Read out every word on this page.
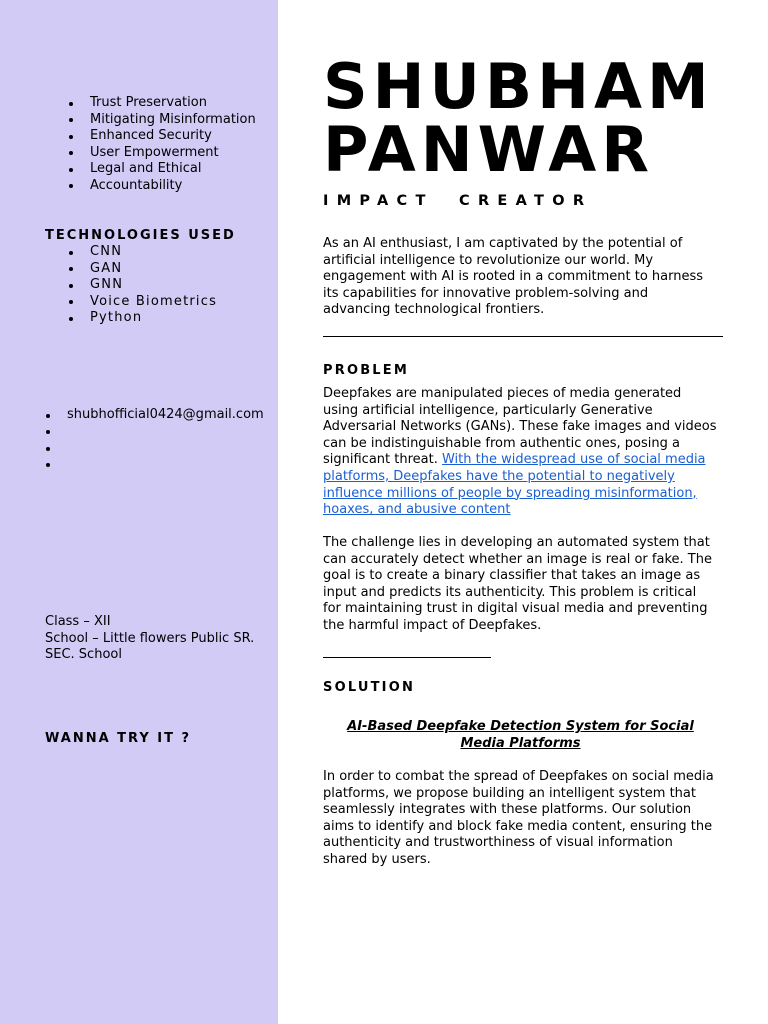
Trust Preservation
Mitigating Misinformation
Enhanced Security
User Empowerment
Legal and Ethical
Accountability
TECHNOLOGIES USED
CNN
GAN
GNN
Voice Biometrics
Python
shubhofficial0424@gmail.com
Class – XII
School – Little flowers Public SR. SEC. School
WANNA TRY IT ?
SHUBHAM
PANWAR
IMPACT CREATOR

As an AI enthusiast, I am captivated by the potential of artificial intelligence to revolutionize our world. My engagement with AI is rooted in a commitment to harness its capabilities for innovative problem-solving and advancing technological frontiers.

PROBLEM

Deepfakes are manipulated pieces of media generated using artificial intelligence, particularly Generative Adversarial Networks (GANs). These fake images and videos can be indistinguishable from authentic ones, posing a significant threat. With the widespread use of social media platforms, Deepfakes have the potential to negatively influence millions of people by spreading misinformation, hoaxes, and abusive content

The challenge lies in developing an automated system that can accurately detect whether an image is real or fake. The goal is to create a binary classifier that takes an image as input and predicts its authenticity. This problem is critical for maintaining trust in digital visual media and preventing the harmful impact of Deepfakes.

SOLUTION

AI-Based Deepfake Detection System for Social Media Platforms

In order to combat the spread of Deepfakes on social media platforms, we propose building an intelligent system that seamlessly integrates with these platforms. Our solution aims to identify and block fake media content, ensuring the authenticity and trustworthiness of visual information shared by users.
